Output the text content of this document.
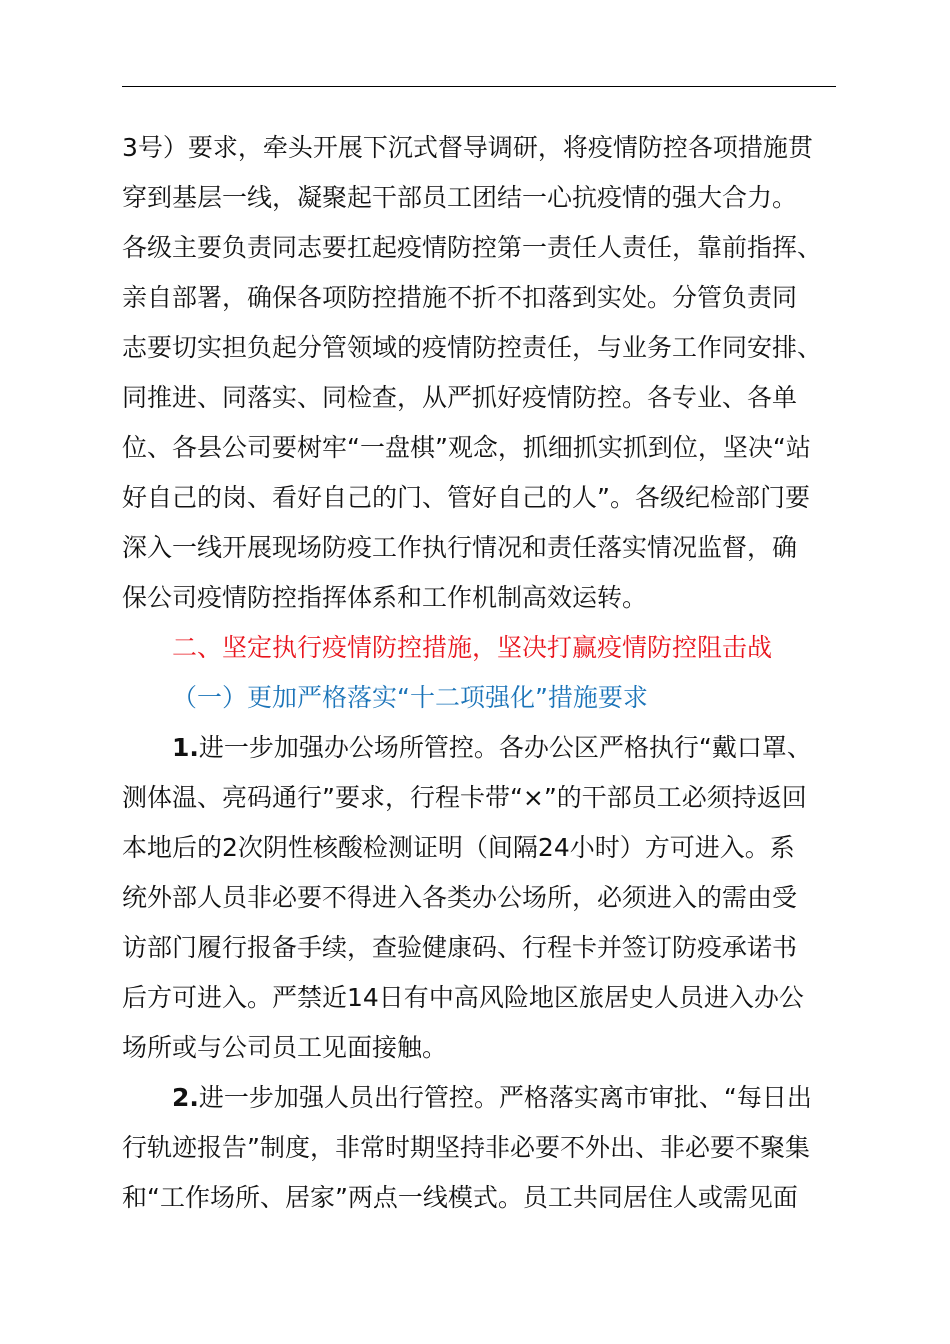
3号）要求，牵头开展下沉式督导调研，将疫情防控各项措施贯
穿到基层一线，凝聚起干部员工团结一心抗疫情的强大合力。
各级主要负责同志要扛起疫情防控第一责任人责任，靠前指挥、
亲自部署，确保各项防控措施不折不扣落到实处。分管负责同
志要切实担负起分管领域的疫情防控责任，与业务工作同安排、
同推进、同落实、同检查，从严抓好疫情防控。各专业、各单
位、各县公司要树牢“一盘棋”观念，抓细抓实抓到位，坚决“站
好自己的岗、看好自己的门、管好自己的人”。各级纪检部门要
深入一线开展现场防疫工作执行情况和责任落实情况监督，确
保公司疫情防控指挥体系和工作机制高效运转。
二、坚定执行疫情防控措施，坚决打赢疫情防控阻击战
（一）更加严格落实“十二项强化”措施要求
1.进一步加强办公场所管控。各办公区严格执行“戴口罩、
测体温、亮码通行”要求，行程卡带“×”的干部员工必须持返回
本地后的2次阴性核酸检测证明（间隔24小时）方可进入。系
统外部人员非必要不得进入各类办公场所，必须进入的需由受
访部门履行报备手续，查验健康码、行程卡并签订防疫承诺书
后方可进入。严禁近14日有中高风险地区旅居史人员进入办公
场所或与公司员工见面接触。
2.进一步加强人员出行管控。严格落实离市审批、“每日出
行轨迹报告”制度，非常时期坚持非必要不外出、非必要不聚集
和“工作场所、居家”两点一线模式。员工共同居住人或需见面
